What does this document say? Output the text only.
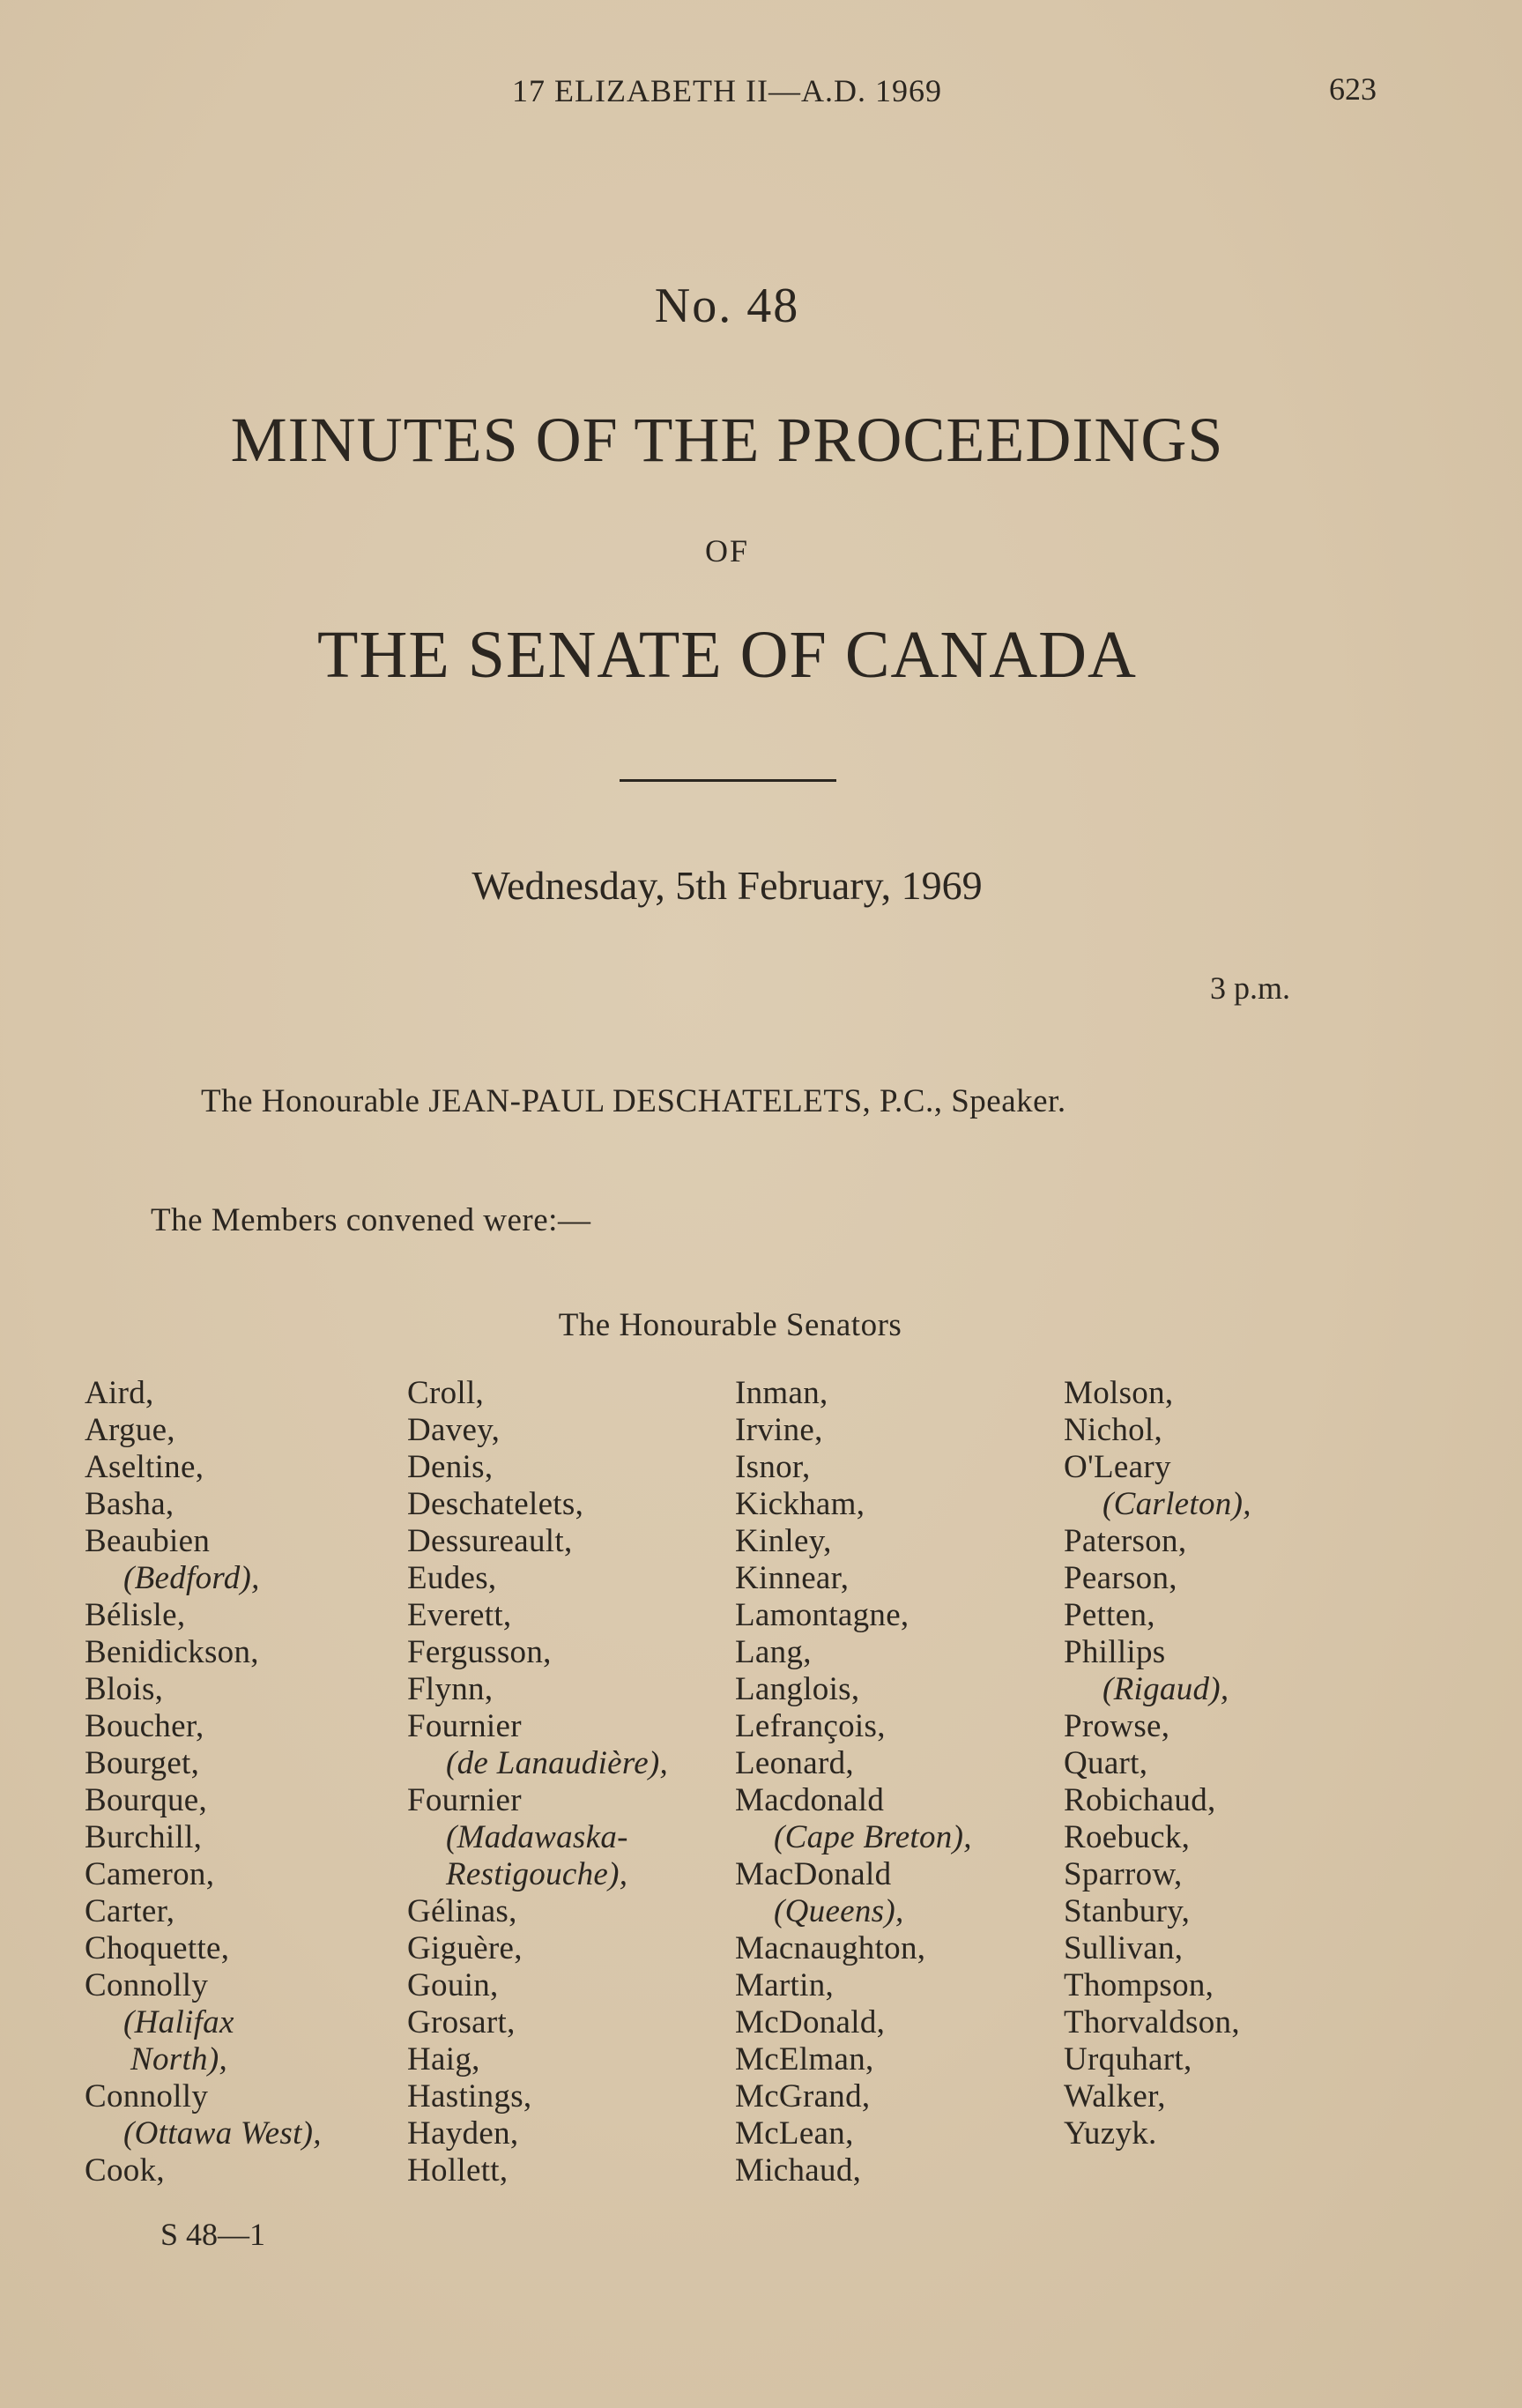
17 ELIZABETH II—A.D. 1969	623
No. 48
MINUTES OF THE PROCEEDINGS
OF
THE SENATE OF CANADA
Wednesday, 5th February, 1969
3 p.m.
The Honourable JEAN-PAUL DESCHATELETS, P.C., Speaker.
The Members convened were:—
The Honourable Senators
Aird,
Argue,
Aseltine,
Basha,
Beaubien
(Bedford),
Bélisle,
Benidickson,
Blois,
Boucher,
Bourget,
Bourque,
Burchill,
Cameron,
Carter,
Choquette,
Connolly
(Halifax
North),
Connolly
(Ottawa West),
Cook,
Croll,
Davey,
Denis,
Deschatelets,
Dessureault,
Eudes,
Everett,
Fergusson,
Flynn,
Fournier
(de Lanaudière),
Fournier
(Madawaska-
Restigouche),
Gélinas,
Giguère,
Gouin,
Grosart,
Haig,
Hastings,
Hayden,
Hollett,
Inman,
Irvine,
Isnor,
Kickham,
Kinley,
Kinnear,
Lamontagne,
Lang,
Langlois,
Lefrançois,
Leonard,
Macdonald
(Cape Breton),
MacDonald
(Queens),
Macnaughton,
Martin,
McDonald,
McElman,
McGrand,
McLean,
Michaud,
Molson,
Nichol,
O'Leary
(Carleton),
Paterson,
Pearson,
Petten,
Phillips
(Rigaud),
Prowse,
Quart,
Robichaud,
Roebuck,
Sparrow,
Stanbury,
Sullivan,
Thompson,
Thorvaldson,
Urquhart,
Walker,
Yuzyk.
S 48—1
